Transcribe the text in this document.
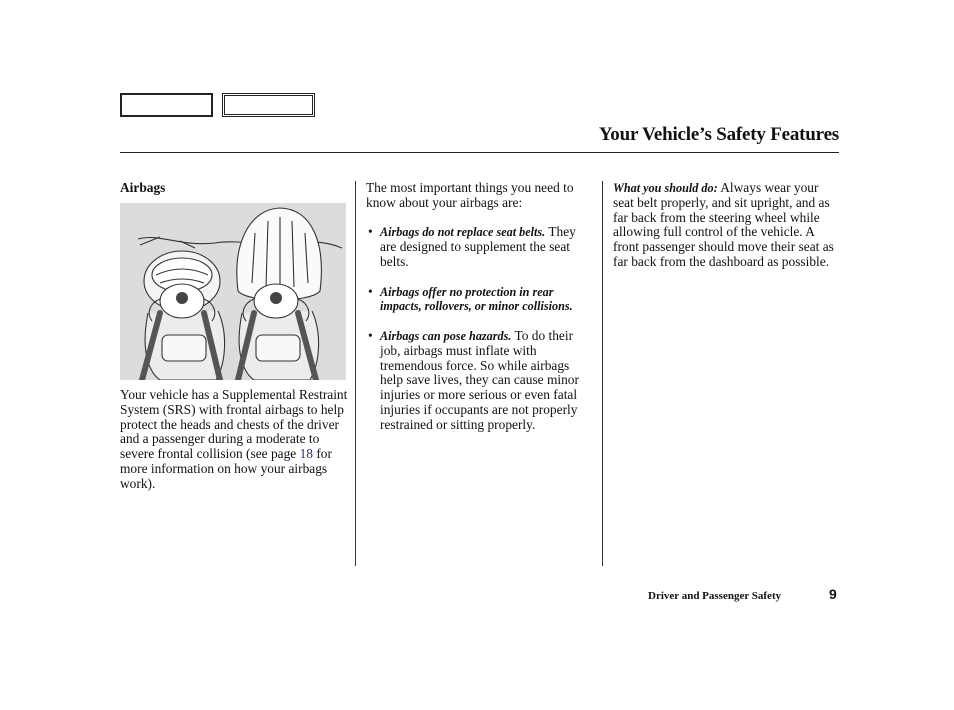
Your Vehicle’s Safety Features
Airbags
Your vehicle has a Supplemental Restraint System (SRS) with frontal airbags to help protect the heads and chests of the driver and a passenger during a moderate to severe frontal collision (see page 18 for more information on how your airbags work).
The most important things you need to know about your airbags are:
• Airbags do not replace seat belts. They are designed to supplement the seat belts.
• Airbags offer no protection in rear impacts, rollovers, or minor collisions.
• Airbags can pose hazards. To do their job, airbags must inflate with tremendous force. So while airbags help save lives, they can cause minor injuries or more serious or even fatal injuries if occupants are not properly restrained or sitting properly.
What you should do: Always wear your seat belt properly, and sit upright, and as far back from the steering wheel while allowing full control of the vehicle. A front passenger should move their seat as far back from the dashboard as possible.
Driver and Passenger Safety	9
